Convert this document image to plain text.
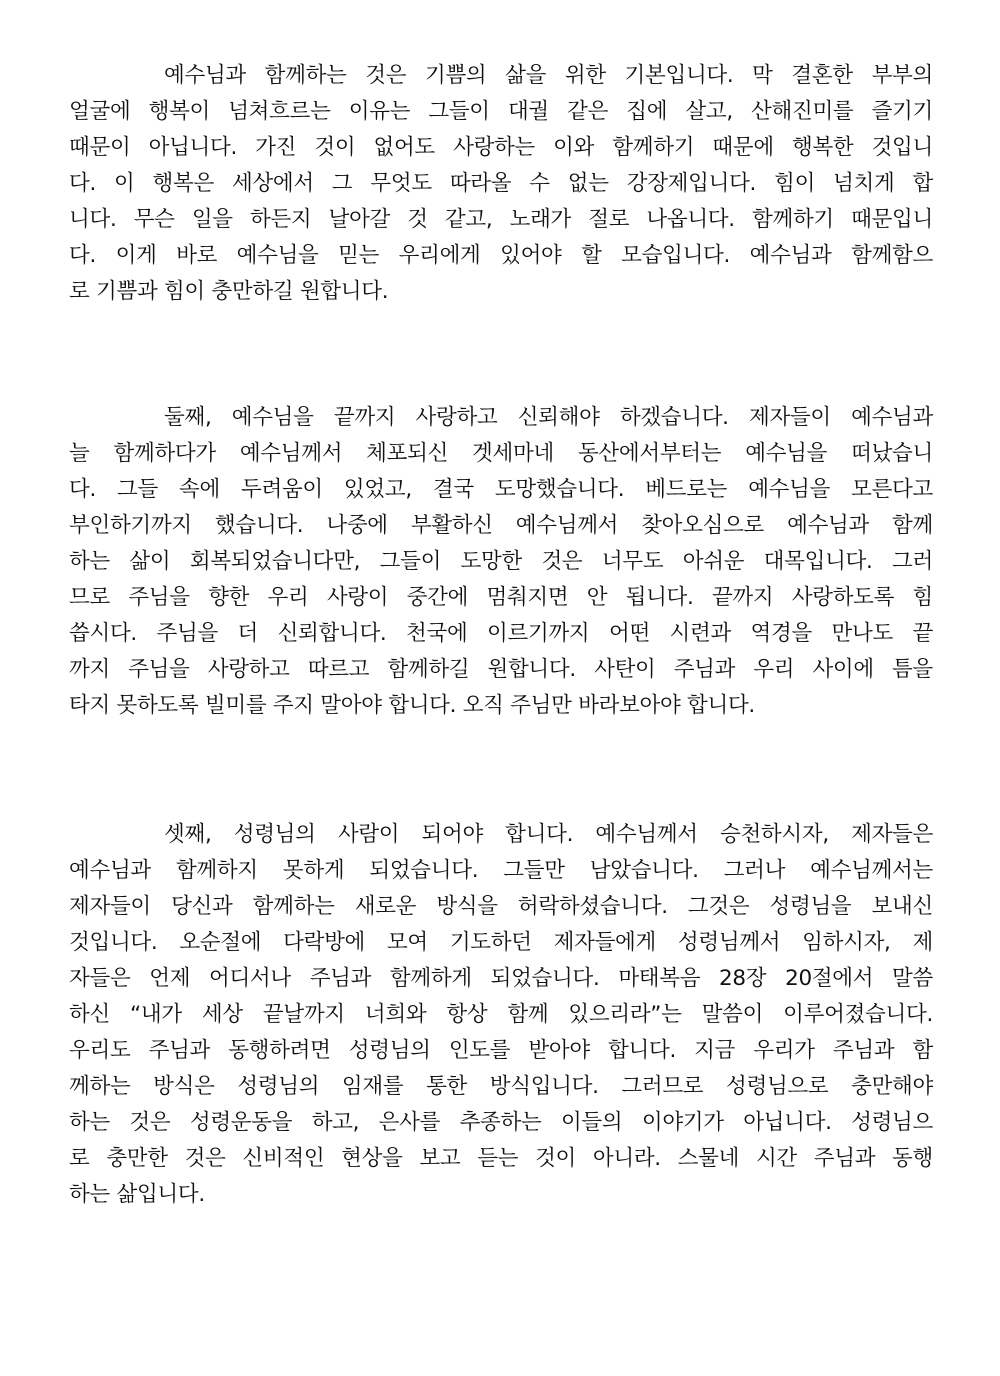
예수님과 함께하는 것은 기쁨의 삶을 위한 기본입니다. 막 결혼한 부부의
얼굴에 행복이 넘쳐흐르는 이유는 그들이 대궐 같은 집에 살고, 산해진미를 즐기기
때문이 아닙니다. 가진 것이 없어도 사랑하는 이와 함께하기 때문에 행복한 것입니
다. 이 행복은 세상에서 그 무엇도 따라올 수 없는 강장제입니다. 힘이 넘치게 합
니다. 무슨 일을 하든지 날아갈 것 같고, 노래가 절로 나옵니다. 함께하기 때문입니
다. 이게 바로 예수님을 믿는 우리에게 있어야 할 모습입니다. 예수님과 함께함으
로 기쁨과 힘이 충만하길 원합니다.
둘째, 예수님을 끝까지 사랑하고 신뢰해야 하겠습니다. 제자들이 예수님과
늘 함께하다가 예수님께서 체포되신 겟세마네 동산에서부터는 예수님을 떠났습니
다. 그들 속에 두려움이 있었고, 결국 도망했습니다. 베드로는 예수님을 모른다고
부인하기까지 했습니다. 나중에 부활하신 예수님께서 찾아오심으로 예수님과 함께
하는 삶이 회복되었습니다만, 그들이 도망한 것은 너무도 아쉬운 대목입니다. 그러
므로 주님을 향한 우리 사랑이 중간에 멈춰지면 안 됩니다. 끝까지 사랑하도록 힘
씁시다. 주님을 더 신뢰합니다. 천국에 이르기까지 어떤 시련과 역경을 만나도 끝
까지 주님을 사랑하고 따르고 함께하길 원합니다. 사탄이 주님과 우리 사이에 틈을
타지 못하도록 빌미를 주지 말아야 합니다. 오직 주님만 바라보아야 합니다.
셋째, 성령님의 사람이 되어야 합니다. 예수님께서 승천하시자, 제자들은
예수님과 함께하지 못하게 되었습니다. 그들만 남았습니다. 그러나 예수님께서는
제자들이 당신과 함께하는 새로운 방식을 허락하셨습니다. 그것은 성령님을 보내신
것입니다. 오순절에 다락방에 모여 기도하던 제자들에게 성령님께서 임하시자, 제
자들은 언제 어디서나 주님과 함께하게 되었습니다. 마태복음 28장 20절에서 말씀
하신 “내가 세상 끝날까지 너희와 항상 함께 있으리라”는 말씀이 이루어졌습니다.
우리도 주님과 동행하려면 성령님의 인도를 받아야 합니다. 지금 우리가 주님과 함
께하는 방식은 성령님의 임재를 통한 방식입니다. 그러므로 성령님으로 충만해야
하는 것은 성령운동을 하고, 은사를 추종하는 이들의 이야기가 아닙니다. 성령님으
로 충만한 것은 신비적인 현상을 보고 듣는 것이 아니라. 스물네 시간 주님과 동행
하는 삶입니다.
